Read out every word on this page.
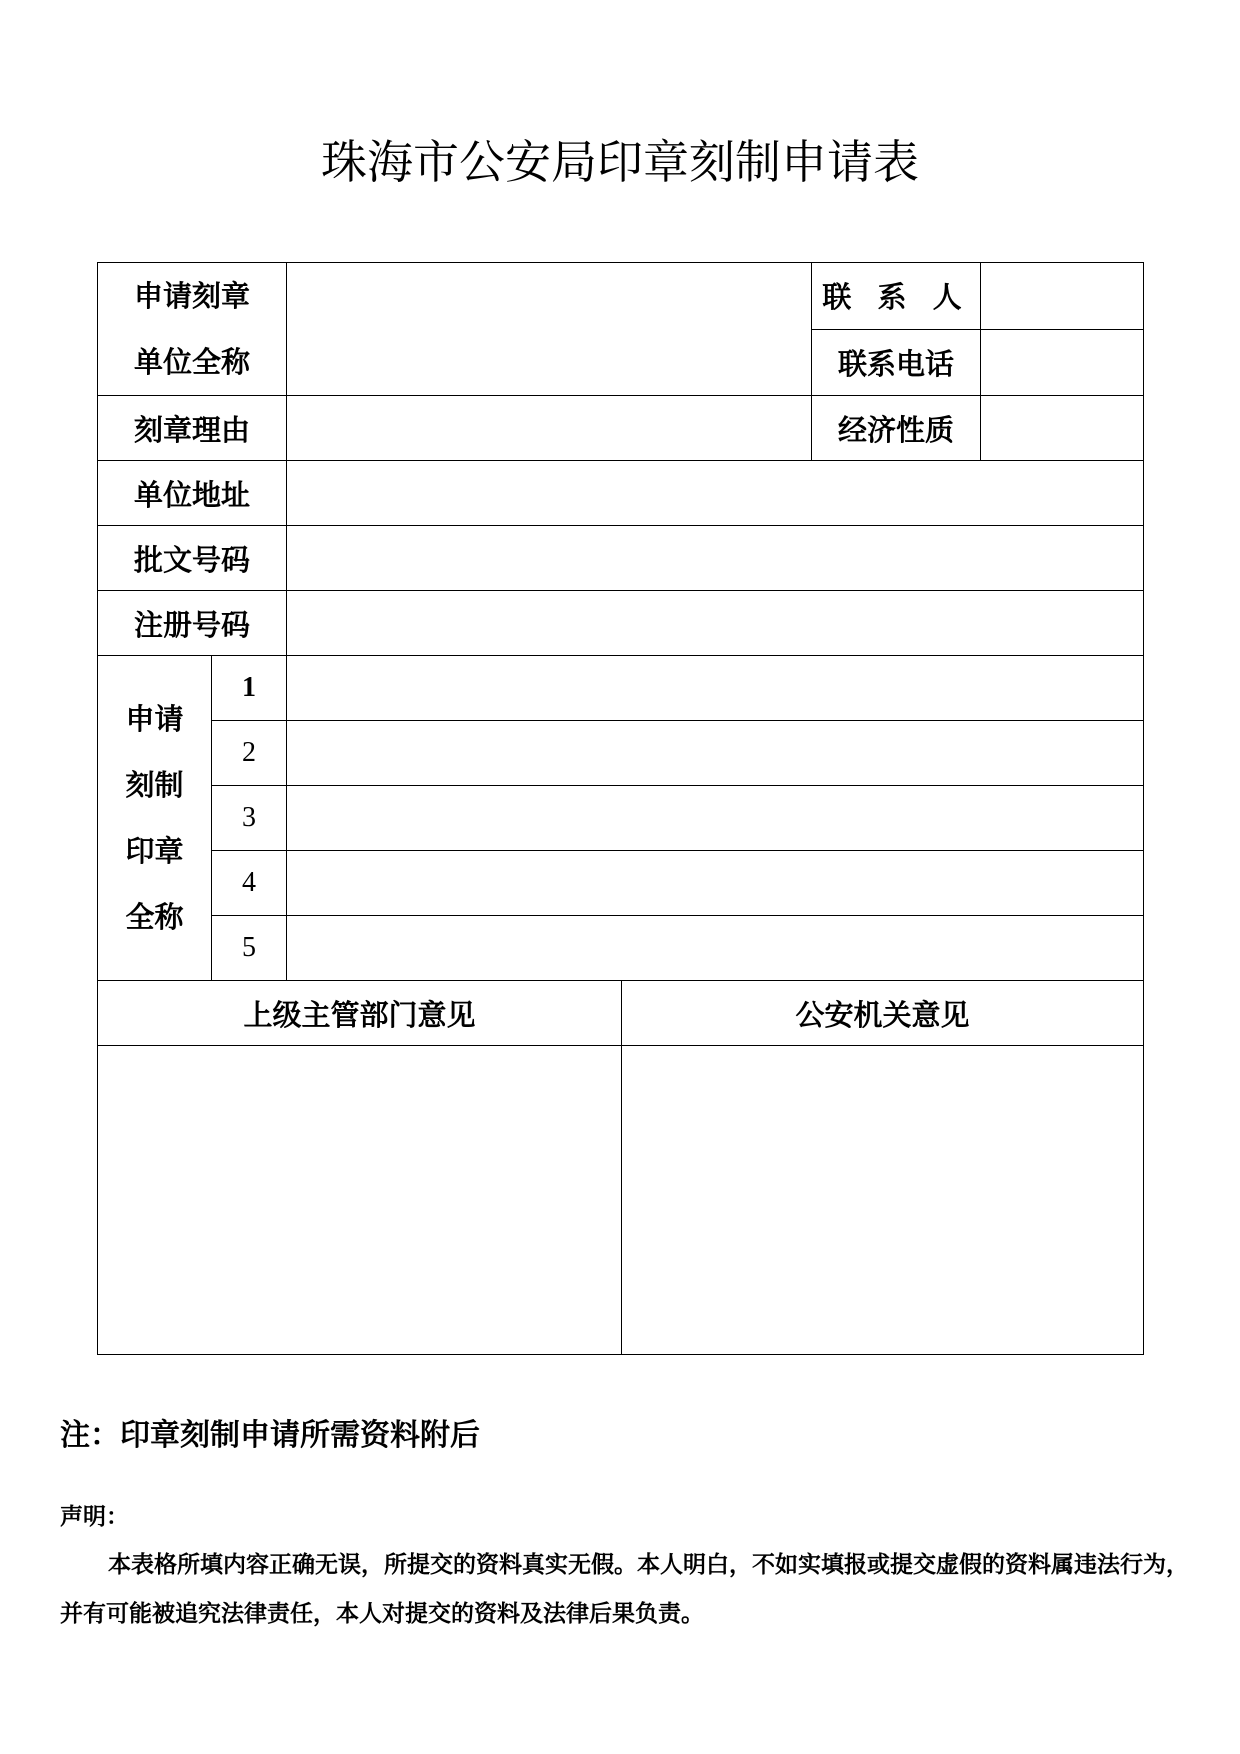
珠海市公安局印章刻制申请表
申请刻章
单位全称				联 系 人	
				联系电话	
刻章理由				经济性质	
单位地址					
批文号码					
注册号码					

申请
刻制
印章
全称	1				
	2				
	3				
	4				
	5				
上级主管部门意见			公安机关意见		

注：印章刻制申请所需资料附后
声明：
本表格所填内容正确无误，所提交的资料真实无假。本人明白，不如实填报或提交虚假的资料属违法行为，并有可能被追究法律责任，本人对提交的资料及法律后果负责。
